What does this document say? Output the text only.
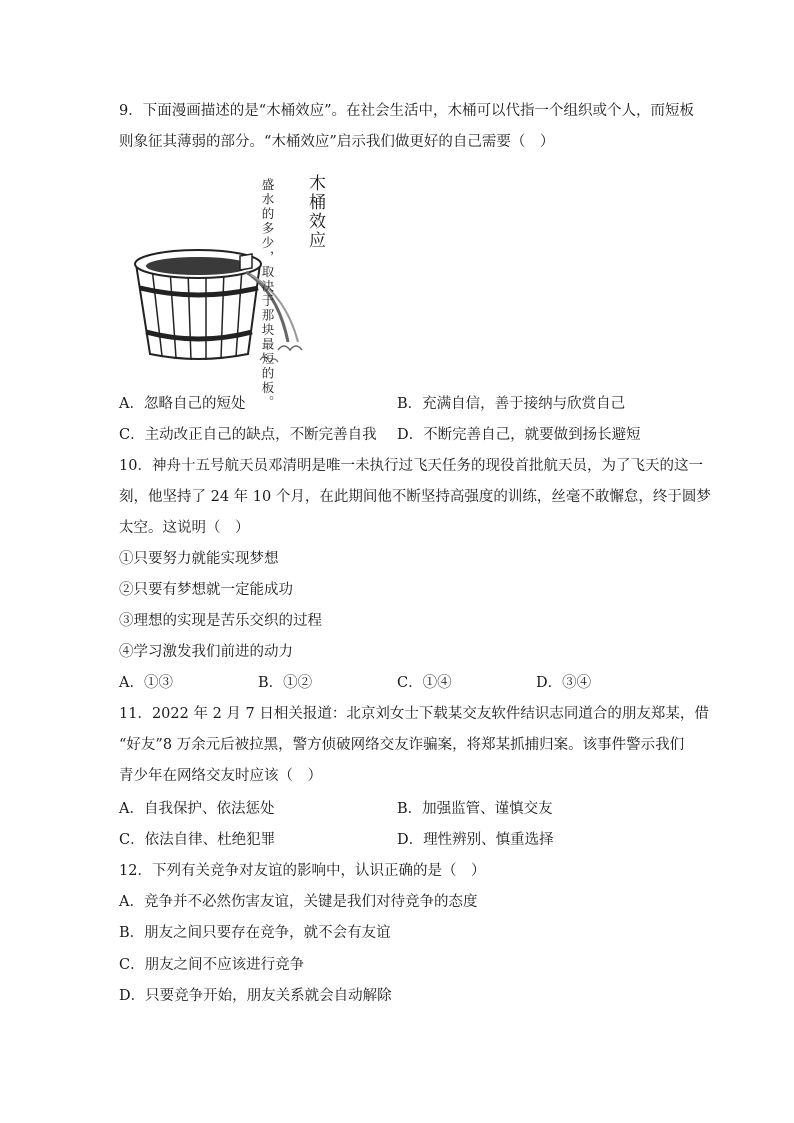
9．下面漫画描述的是“木桶效应”。在社会生活中，木桶可以代指一个组织或个人，而短板
则象征其薄弱的部分。“木桶效应”启示我们做更好的自己需要（　）
木桶效应
盛水的多少，取决于那块最短的板。
A．忽略自己的短处	B．充满自信，善于接纳与欣赏自己
C．主动改正自己的缺点，不断完善自我 D．不断完善自己，就要做到扬长避短
10．神舟十五号航天员邓清明是唯一未执行过飞天任务的现役首批航天员，为了飞天的这一
刻，他坚持了 24 年 10 个月，在此期间他不断坚持高强度的训练，丝毫不敢懈怠，终于圆梦
太空。这说明（　）
①只要努力就能实现梦想
②只要有梦想就一定能成功
③理想的实现是苦乐交织的过程
④学习激发我们前进的动力
A．①③	B．①②	C．①④	D．③④
11．2022 年 2 月 7 日相关报道：北京刘女士下载某交友软件结识志同道合的朋友郑某，借
“好友”8 万余元后被拉黑，警方侦破网络交友诈骗案，将郑某抓捕归案。该事件警示我们
青少年在网络交友时应该（　）
A．自我保护、依法惩处	B．加强监管、谨慎交友
C．依法自律、杜绝犯罪	D．理性辨别、慎重选择
12．下列有关竞争对友谊的影响中，认识正确的是（　）
A．竞争并不必然伤害友谊，关键是我们对待竞争的态度
B．朋友之间只要存在竞争，就不会有友谊
C．朋友之间不应该进行竞争
D．只要竞争开始，朋友关系就会自动解除
